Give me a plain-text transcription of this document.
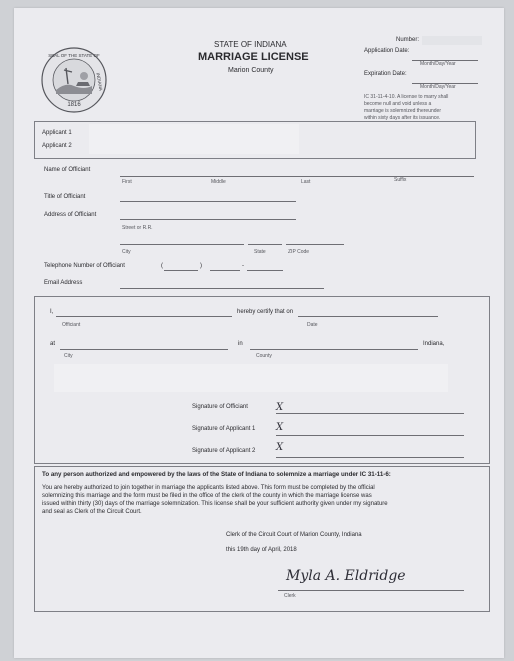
1816
SEAL OF THE STATE OF
INDIANA
STATE OF INDIANA
MARRIAGE LICENSE
Marion County
Number:
Application Date:
Month/Day/Year
Expiration Date:
Month/Day/Year
IC 31-11-4-10. A license to marry shall
become null and void unless a
marriage is solemnized thereunder
within sixty days after its issuance.
Applicant 1
Applicant 2
Name of Officiant
First	Middle	Last	Suffix
Title of Officiant
Address of Officiant
Street or R.R.
City	State	ZIP Code
Telephone Number of Officiant	(	)	-
Email Address
I,	hereby certify that on
Officiant	Date
at	in	Indiana,
City	County
Signature of Officiant	X
Signature of Applicant 1 X
Signature of Applicant 2 X
To any person authorized and empowered by the laws of the State of Indiana to solemnize a marriage under IC 31-11-6:
You are hereby authorized to join together in marriage the applicants listed above. This form must be completed by the official
solemnizing this marriage and the form must be filed in the office of the clerk of the county in which the marriage license was
issued within thirty (30) days of the marriage solemnization. This license shall be your sufficient authority given under my signature
and seal as Clerk of the Circuit Court.
Clerk of the Circuit Court of Marion County, Indiana
this 19th day of April, 2018
Myla A. Eldridge
Clerk
